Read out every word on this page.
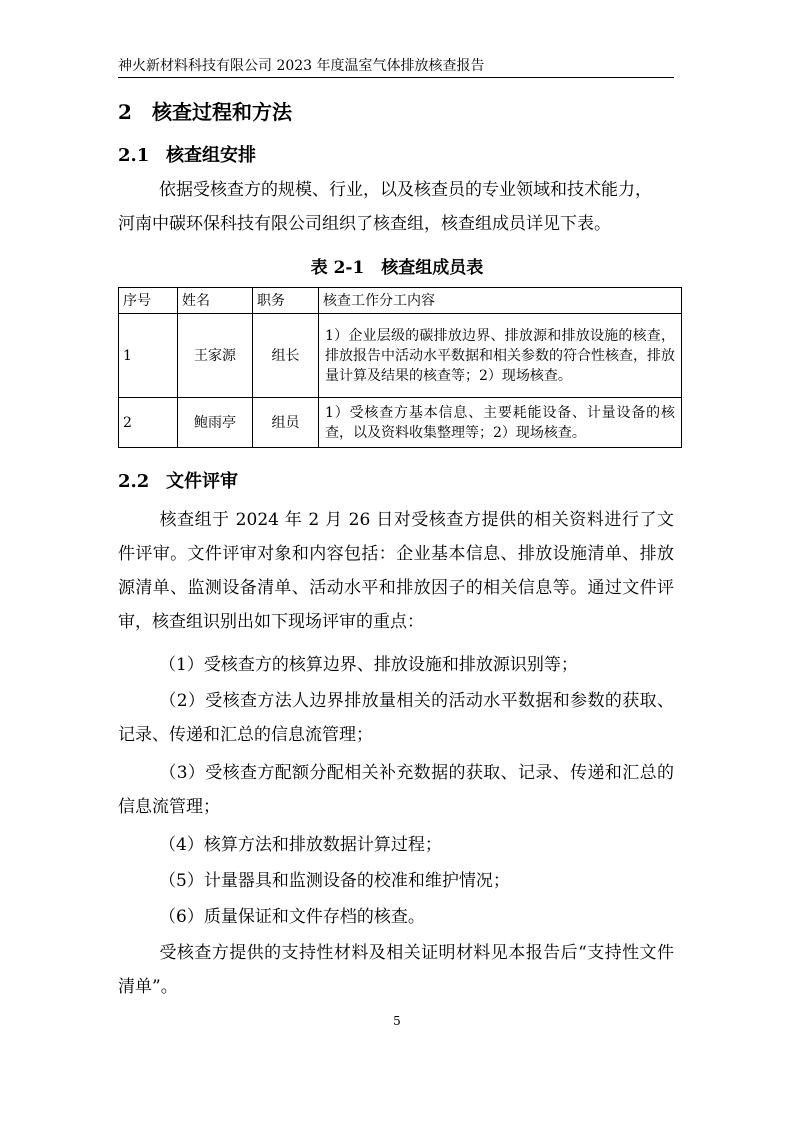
神火新材料科技有限公司 2023 年度温室气体排放核查报告
2 核查过程和方法
2.1 核查组安排
依据受核查方的规模、行业，以及核查员的专业领域和技术能力，
河南中碳环保科技有限公司组织了核查组，核查组成员详见下表。
表 2-1　核查组成员表
序号	姓名	职务	核查工作分工内容
1	王家源	组长	1）企业层级的碳排放边界、排放源和排放设施的核查，排放报告中活动水平数据和相关参数的符合性核查，排放量计算及结果的核查等；2）现场核查。
2	鲍雨亭	组员	1）受核查方基本信息、主要耗能设备、计量设备的核查，以及资料收集整理等；2）现场核查。
2.2 文件评审
核查组于 2024 年 2 月 26 日对受核查方提供的相关资料进行了文件评审。文件评审对象和内容包括：企业基本信息、排放设施清单、排放源清单、监测设备清单、活动水平和排放因子的相关信息等。通过文件评审，核查组识别出如下现场评审的重点：
（1）受核查方的核算边界、排放设施和排放源识别等；
（2）受核查方法人边界排放量相关的活动水平数据和参数的获取、记录、传递和汇总的信息流管理；
（3）受核查方配额分配相关补充数据的获取、记录、传递和汇总的信息流管理；
（4）核算方法和排放数据计算过程；
（5）计量器具和监测设备的校准和维护情况；
（6）质量保证和文件存档的核查。
受核查方提供的支持性材料及相关证明材料见本报告后“支持性文件清单”。
5
